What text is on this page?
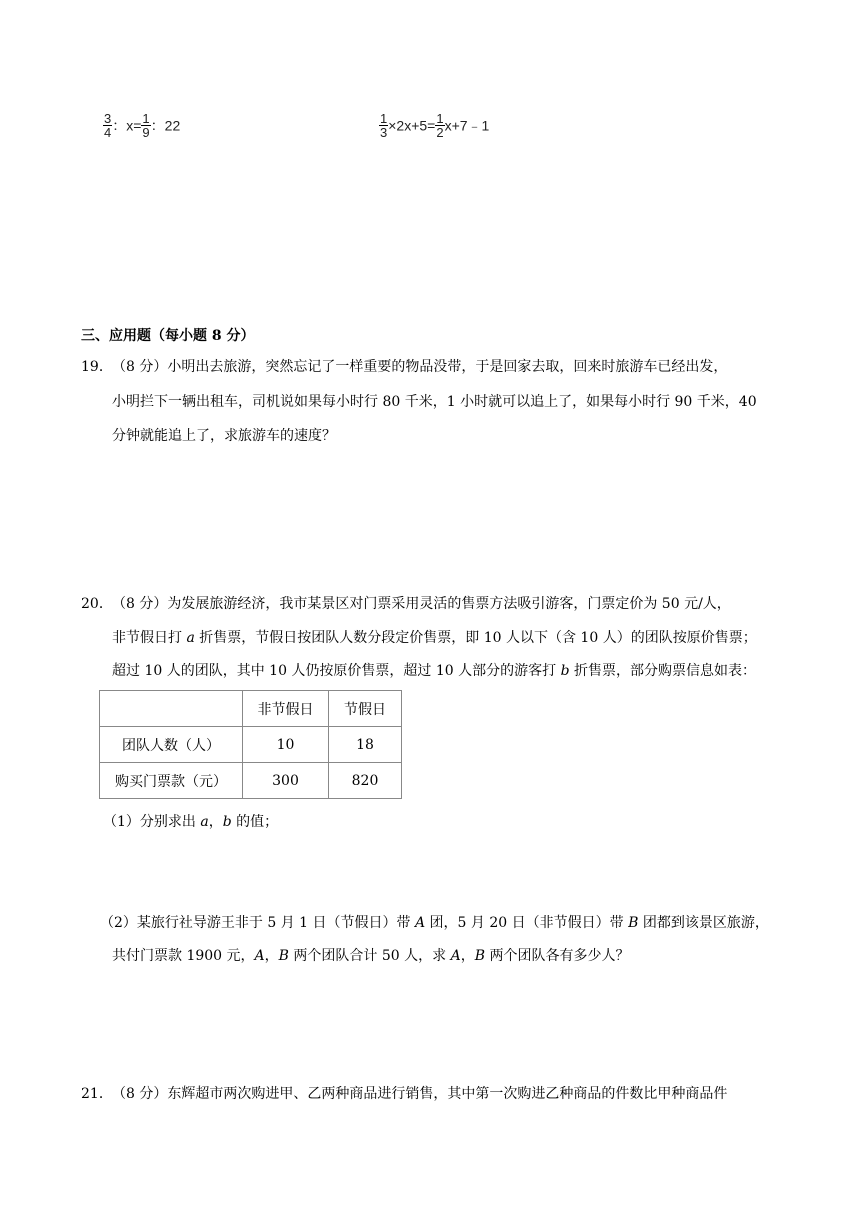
$\frac{3}{4}$ ：$x= \frac{1}{9}$ ：22	$\frac{1}{3} \times 2x+5= \frac{1}{2}$ x+7﹣1
三、应用题（每小题 8 分）
19． （8 分）小明出去旅游，突然忘记了一样重要的物品没带，于是回家去取，回来时旅游车已经出发，
小明拦下一辆出租车，司机说如果每小时行 80 千米，1 小时就可以追上了，如果每小时行 90 千米，40
分钟就能追上了，求旅游车的速度？
20． （8 分）为发展旅游经济，我市某景区对门票采用灵活的售票方法吸引游客，门票定价为 50 元/人，
非节假日打 a 折售票，节假日按团队人数分段定价售票，即 10 人以下（含 10 人）的团队按原价售票；
超过 10 人的团队，其中 10 人仍按原价售票，超过 10 人部分的游客打 b 折售票，部分购票信息如表：
	非节假日	节假日
团队人数（人）	10	18
购买门票款（元）	300	820
（1）分别求出 a，b 的值；
（2）某旅行社导游王非于 5 月 1 日（节假日）带 A 团，5 月 20 日（非节假日）带 B 团都到该景区旅游，
共付门票款 1900 元，A，B 两个团队合计 50 人，求 A，B 两个团队各有多少人？
21． （8 分）东辉超市两次购进甲、乙两种商品进行销售，其中第一次购进乙种商品的件数比甲种商品件
